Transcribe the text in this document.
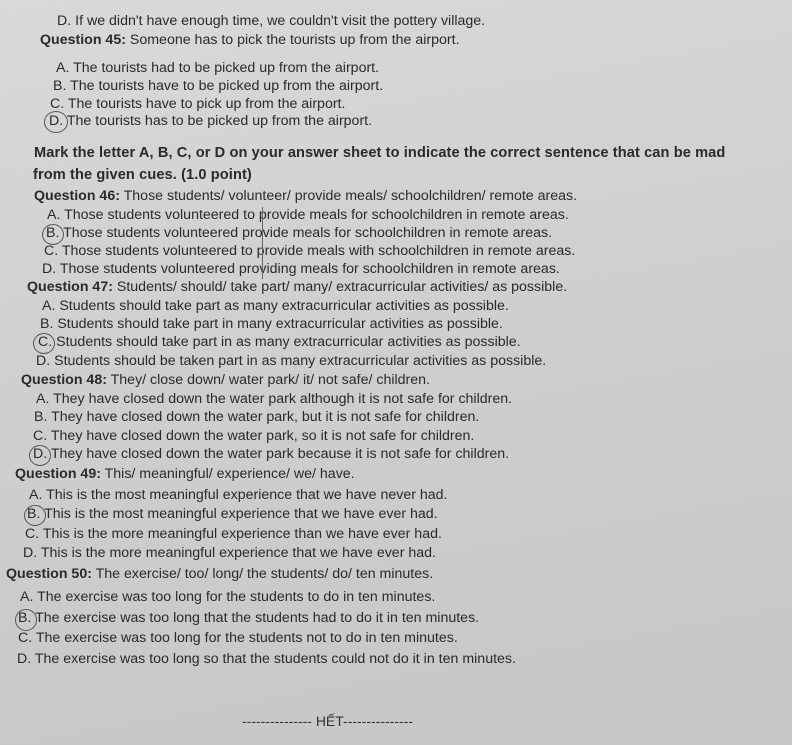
D. If we didn't have enough time, we couldn't visit the pottery village.
Question 45: Someone has to pick the tourists up from the airport.
A. The tourists had to be picked up from the airport.
B. The tourists have to be picked up from the airport.
C. The tourists have to pick up from the airport.
D. The tourists has to be picked up from the airport.
Mark the letter A, B, C, or D on your answer sheet to indicate the correct sentence that can be mad
from the given cues. (1.0 point)
Question 46: Those students/ volunteer/ provide meals/ schoolchildren/ remote areas.
A. Those students volunteered to provide meals for schoolchildren in remote areas.
B. Those students volunteered provide meals for schoolchildren in remote areas.
C. Those students volunteered to provide meals with schoolchildren in remote areas.
D. Those students volunteered providing meals for schoolchildren in remote areas.
Question 47: Students/ should/ take part/ many/ extracurricular activities/ as possible.
A. Students should take part as many extracurricular activities as possible.
B. Students should take part in many extracurricular activities as possible.
C. Students should take part in as many extracurricular activities as possible.
D. Students should be taken part in as many extracurricular activities as possible.
Question 48: They/ close down/ water park/ it/ not safe/ children.
A. They have closed down the water park although it is not safe for children.
B. They have closed down the water park, but it is not safe for children.
C. They have closed down the water park, so it is not safe for children.
D. They have closed down the water park because it is not safe for children.
Question 49: This/ meaningful/ experience/ we/ have.
A. This is the most meaningful experience that we have never had.
B. This is the most meaningful experience that we have ever had.
C. This is the more meaningful experience than we have ever had.
D. This is the more meaningful experience that we have ever had.
Question 50: The exercise/ too/ long/ the students/ do/ ten minutes.
A. The exercise was too long for the students to do in ten minutes.
B. The exercise was too long that the students had to do it in ten minutes.
C. The exercise was too long for the students not to do in ten minutes.
D. The exercise was too long so that the students could not do it in ten minutes.
--------------- HẾT---------------
